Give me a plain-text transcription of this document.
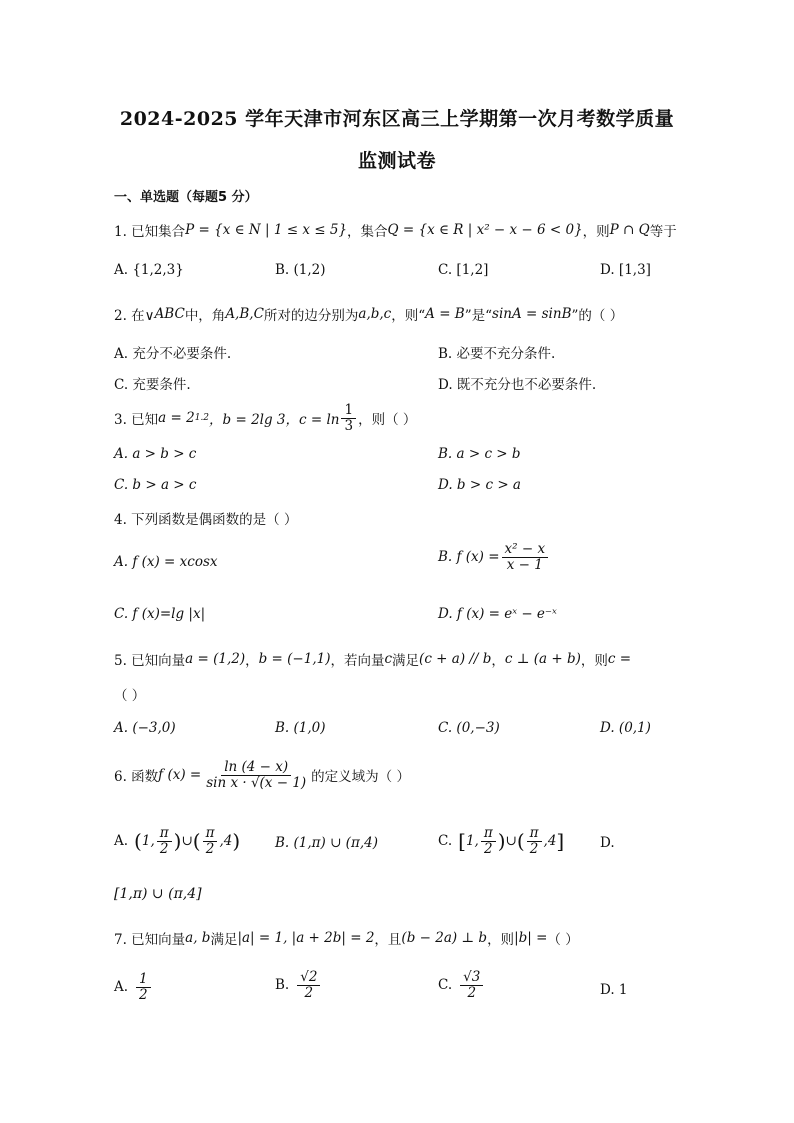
2024-2025 学年天津市河东区高三上学期第一次月考数学质量
监测试卷
一、单选题（每题5 分）
1. 已知集合 P = {x ∈ N | 1 ≤ x ≤ 5} ，集合 Q = {x ∈ R | x² − x − 6 < 0} ，则 P ∩ Q 等于
A. {1,2,3}	B. (1,2)	C. [1,2]	D. [1,3]
2. 在∨ ABC 中，角 A,B,C 所对的边分别为 a,b,c ，则“ A = B ”是“ sinA = sinB ”的（ ）
A. 充分不必要条件.	B. 必要不充分条件.
C. 充要条件.	D. 既不充分也不必要条件.
3. 已知 a = 2 1.2 ，b = 2lg 3，$c = \ln \frac{1}{3}$ ，则（ ）
A. a > b > c	B. a > c > b
C. b > a > c	D. b > c > a
4. 下列函数是偶函数的是（ ）
A. f (x) = xcosx	B. f $(x) = \frac{\text{x² − x}}{x - 1}$
C. f (x)=lg |x|	D. f (x) = eˣ − e⁻ˣ
5. 已知向量 a = (1,2) ， b = (−1,1) ，若向量 c 满足 (c + a) // b ， c ⊥ (a + b) ，则 c =
（ ）
A. (−3,0)	B. (1,0)	C. (0,−3)	D. (0,1)
6. 函数 f $(x) = \frac{\ln (4 - x)}{\text{sin x · √(x − 1)}}$ 的定义域为（ ）
A. ( 1, $\frac{\pi}{2}$ ) ∪ ( $\frac{\pi}{2} ,4$ )	B. (1,π) ∪ (π,4)	C. [ 1, $\frac{\pi}{2}$ ) ∪ ( $\frac{\pi}{2} ,4$ ]	D.
[1,π) ∪ (π,4]
7. 已知向量 a, b 满足 |a| = 1, |a + 2b| = 2 ，且 (b − 2a) ⊥ b ，则 |b| = （ ）
A. $\frac{1}{2}$	B. $\frac{√2}{2}$	C. $\frac{√3}{2}$	D. 1
